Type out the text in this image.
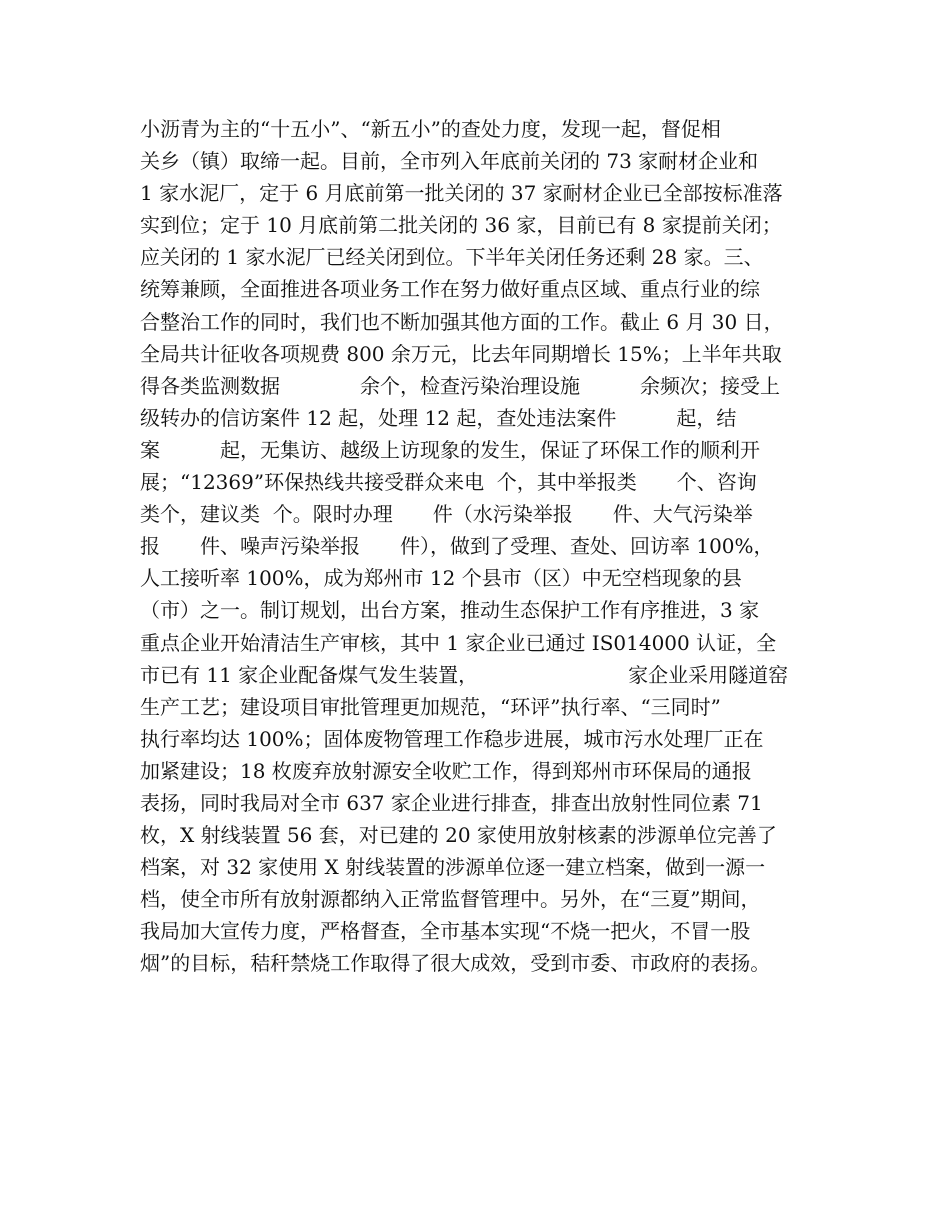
小沥青为主的“十五小”、“新五小”的查处力度，发现一起，督促相
关乡（镇）取缔一起。目前，全市列入年底前关闭的 73 家耐材企业和
1 家水泥厂，定于 6 月底前第一批关闭的 37 家耐材企业已全部按标准落
实到位；定于 10 月底前第二批关闭的 36 家，目前已有 8 家提前关闭；
应关闭的 1 家水泥厂已经关闭到位。下半年关闭任务还剩 28 家。三、
统筹兼顾，全面推进各项业务工作在努力做好重点区域、重点行业的综
合整治工作的同时，我们也不断加强其他方面的工作。截止 6 月 30 日，
全局共计征收各项规费 800 余万元，比去年同期增长 15%；上半年共取
得各类监测数据　　　　余个，检查污染治理设施　　　余频次；接受上
级转办的信访案件 12 起，处理 12 起，查处违法案件　　　起，结
案　　　起，无集访、越级上访现象的发生，保证了环保工作的顺利开
展；“12369”环保热线共接受群众来电  个，其中举报类　　个、咨询
类个，建议类  个。限时办理　　件（水污染举报　　件、大气污染举
报　　件、噪声污染举报　　件），做到了受理、查处、回访率 100%，
人工接听率 100%，成为郑州市 12 个县市（区）中无空档现象的县
（市）之一。制订规划，出台方案，推动生态保护工作有序推进，3 家
重点企业开始清洁生产审核，其中 1 家企业已通过 IS014000 认证，全
市已有 11 家企业配备煤气发生装置，　　　　　　　　家企业采用隧道窑
生产工艺；建设项目审批管理更加规范，“环评”执行率、“三同时”
执行率均达 100%；固体废物管理工作稳步进展，城市污水处理厂正在
加紧建设；18 枚废弃放射源安全收贮工作，得到郑州市环保局的通报
表扬，同时我局对全市 637 家企业进行排查，排查出放射性同位素 71
枚，X 射线装置 56 套，对已建的 20 家使用放射核素的涉源单位完善了
档案，对 32 家使用 X 射线装置的涉源单位逐一建立档案，做到一源一
档，使全市所有放射源都纳入正常监督管理中。另外，在“三夏”期间，
我局加大宣传力度，严格督查，全市基本实现“不烧一把火，不冒一股
烟”的目标，秸秆禁烧工作取得了很大成效，受到市委、市政府的表扬。
